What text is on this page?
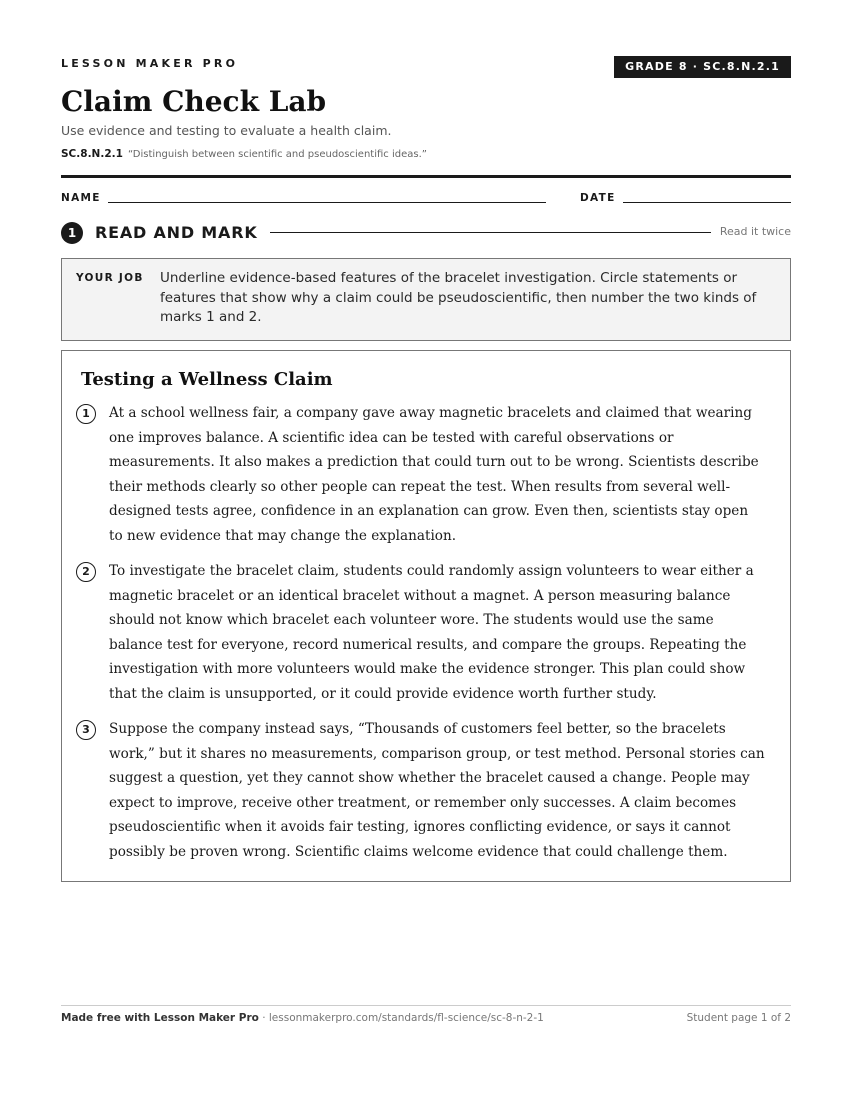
LESSON MAKER PRO	GRADE 8 · SC.8.N.2.1
Claim Check Lab
Use evidence and testing to evaluate a health claim.
SC.8.N.2.1 “Distinguish between scientific and pseudoscientific ideas.”
NAME	DATE
1	READ AND MARK	Read it twice
YOUR JOB Underline evidence-based features of the bracelet investigation. Circle statements or features that show why a claim could be pseudoscientific, then number the two kinds of marks 1 and 2.
Testing a Wellness Claim
1	At a school wellness fair, a company gave away magnetic bracelets and claimed that wearing one improves balance. A scientific idea can be tested with careful observations or measurements. It also makes a prediction that could turn out to be wrong. Scientists describe their methods clearly so other people can repeat the test. When results from several well-designed tests agree, confidence in an explanation can grow. Even then, scientists stay open to new evidence that may change the explanation.
2	To investigate the bracelet claim, students could randomly assign volunteers to wear either a magnetic bracelet or an identical bracelet without a magnet. A person measuring balance should not know which bracelet each volunteer wore. The students would use the same balance test for everyone, record numerical results, and compare the groups. Repeating the investigation with more volunteers would make the evidence stronger. This plan could show that the claim is unsupported, or it could provide evidence worth further study.
3	Suppose the company instead says, “Thousands of customers feel better, so the bracelets work,” but it shares no measurements, comparison group, or test method. Personal stories can suggest a question, yet they cannot show whether the bracelet caused a change. People may expect to improve, receive other treatment, or remember only successes. A claim becomes pseudoscientific when it avoids fair testing, ignores conflicting evidence, or says it cannot possibly be proven wrong. Scientific claims welcome evidence that could challenge them.
Made free with Lesson Maker Pro · lessonmakerpro.com/standards/fl-science/sc-8-n-2-1	Student page 1 of 2
